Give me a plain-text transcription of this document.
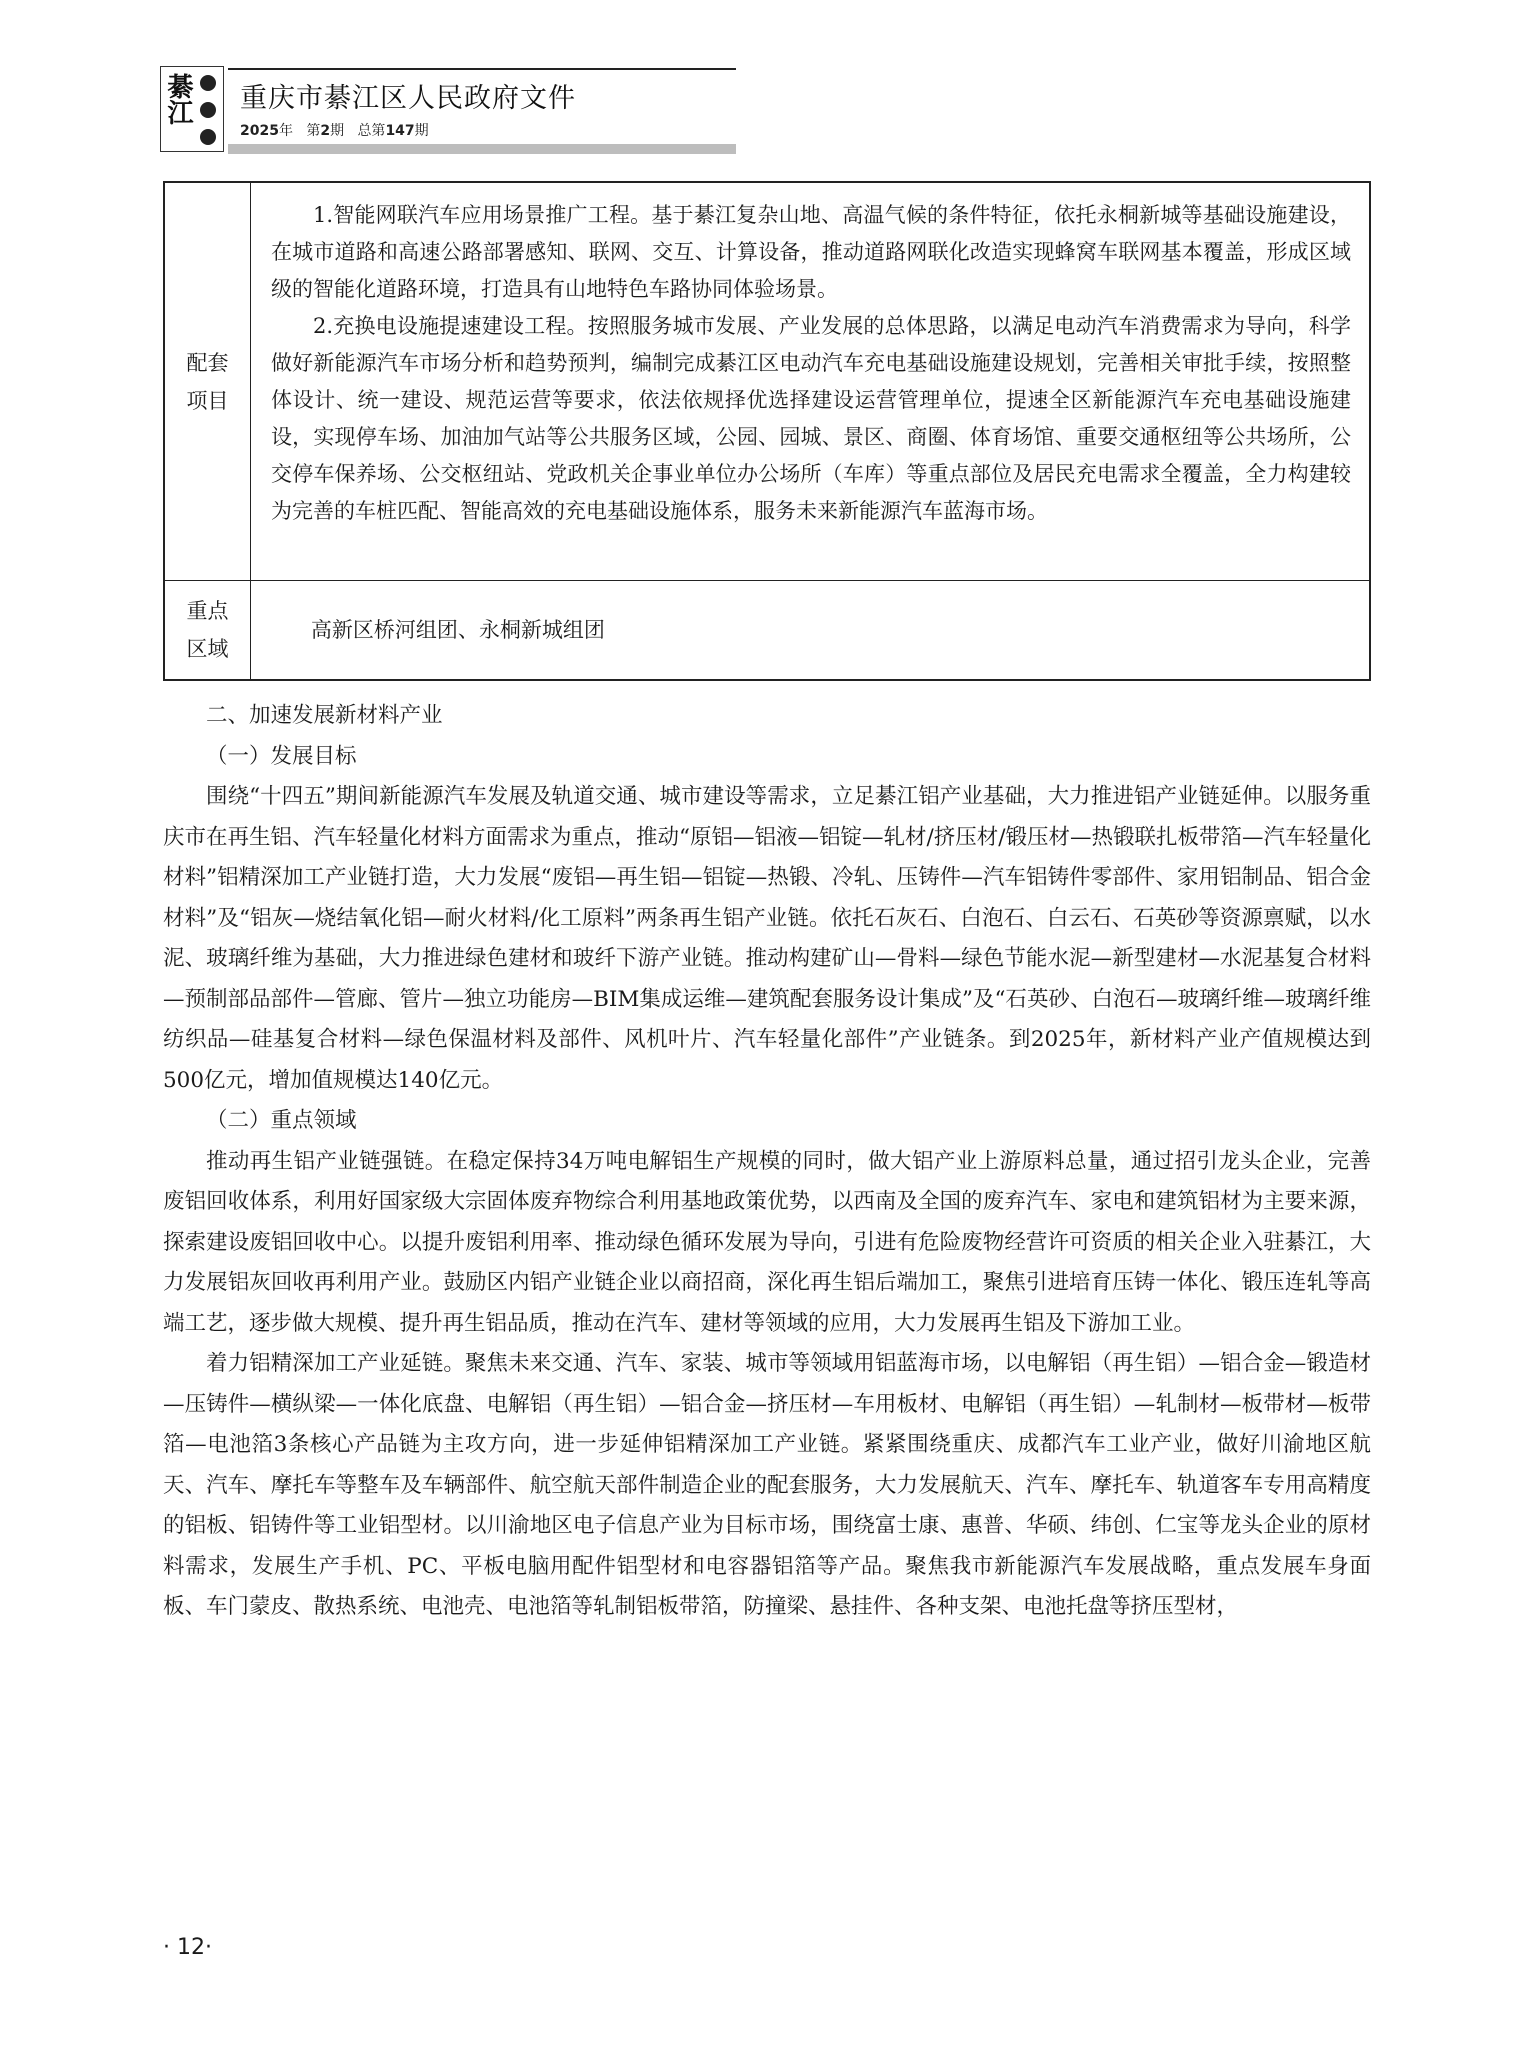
綦江 重庆市綦江区人民政府文件
2025年 第2期 总第147期
配套项目

1.智能网联汽车应用场景推广工程。基于綦江复杂山地、高温气候的条件特征，依托永桐新城等基础设施建设，在城市道路和高速公路部署感知、联网、交互、计算设备，推动道路网联化改造实现蜂窝车联网基本覆盖，形成区域级的智能化道路环境，打造具有山地特色车路协同体验场景。

2.充换电设施提速建设工程。按照服务城市发展、产业发展的总体思路，以满足电动汽车消费需求为导向，科学做好新能源汽车市场分析和趋势预判，编制完成綦江区电动汽车充电基础设施建设规划，完善相关审批手续，按照整体设计、统一建设、规范运营等要求，依法依规择优选择建设运营管理单位，提速全区新能源汽车充电基础设施建设，实现停车场、加油加气站等公共服务区域，公园、园城、景区、商圈、体育场馆、重要交通枢纽等公共场所，公交停车保养场、公交枢纽站、党政机关企事业单位办公场所（车库）等重点部位及居民充电需求全覆盖，全力构建较为完善的车桩匹配、智能高效的充电基础设施体系，服务未来新能源汽车蓝海市场。

重点区域

高新区桥河组团、永桐新城组团

二、加速发展新材料产业

（一）发展目标

围绕“十四五”期间新能源汽车发展及轨道交通、城市建设等需求，立足綦江铝产业基础，大力推进铝产业链延伸。以服务重庆市在再生铝、汽车轻量化材料方面需求为重点，推动“原铝—铝液—铝锭—轧材/挤压材/锻压材—热锻联扎板带箔—汽车轻量化材料”铝精深加工产业链打造，大力发展“废铝—再生铝—铝锭—热锻、冷轧、压铸件—汽车铝铸件零部件、家用铝制品、铝合金材料”及“铝灰—烧结氧化铝—耐火材料/化工原料”两条再生铝产业链。依托石灰石、白泡石、白云石、石英砂等资源禀赋，以水泥、玻璃纤维为基础，大力推进绿色建材和玻纤下游产业链。推动构建矿山—骨料—绿色节能水泥—新型建材—水泥基复合材料—预制部品部件—管廊、管片—独立功能房—BIM集成运维—建筑配套服务设计集成”及“石英砂、白泡石—玻璃纤维—玻璃纤维纺织品—硅基复合材料—绿色保温材料及部件、风机叶片、汽车轻量化部件”产业链条。到2025年，新材料产业产值规模达到500亿元，增加值规模达140亿元。

（二）重点领域

推动再生铝产业链强链。在稳定保持34万吨电解铝生产规模的同时，做大铝产业上游原料总量，通过招引龙头企业，完善废铝回收体系，利用好国家级大宗固体废弃物综合利用基地政策优势，以西南及全国的废弃汽车、家电和建筑铝材为主要来源，探索建设废铝回收中心。以提升废铝利用率、推动绿色循环发展为导向，引进有危险废物经营许可资质的相关企业入驻綦江，大力发展铝灰回收再利用产业。鼓励区内铝产业链企业以商招商，深化再生铝后端加工，聚焦引进培育压铸一体化、锻压连轧等高端工艺，逐步做大规模、提升再生铝品质，推动在汽车、建材等领域的应用，大力发展再生铝及下游加工业。

着力铝精深加工产业延链。聚焦未来交通、汽车、家装、城市等领域用铝蓝海市场，以电解铝（再生铝）—铝合金—锻造材—压铸件—横纵梁—一体化底盘、电解铝（再生铝）—铝合金—挤压材—车用板材、电解铝（再生铝）—轧制材—板带材—板带箔—电池箔3条核心产品链为主攻方向，进一步延伸铝精深加工产业链。紧紧围绕重庆、成都汽车工业产业，做好川渝地区航天、汽车、摩托车等整车及车辆部件、航空航天部件制造企业的配套服务，大力发展航天、汽车、摩托车、轨道客车专用高精度的铝板、铝铸件等工业铝型材。以川渝地区电子信息产业为目标市场，围绕富士康、惠普、华硕、纬创、仁宝等龙头企业的原材料需求，发展生产手机、PC、平板电脑用配件铝型材和电容器铝箔等产品。聚焦我市新能源汽车发展战略，重点发展车身面板、车门蒙皮、散热系统、电池壳、电池箔等轧制铝板带箔，防撞梁、悬挂件、各种支架、电池托盘等挤压型材，

· 12·
